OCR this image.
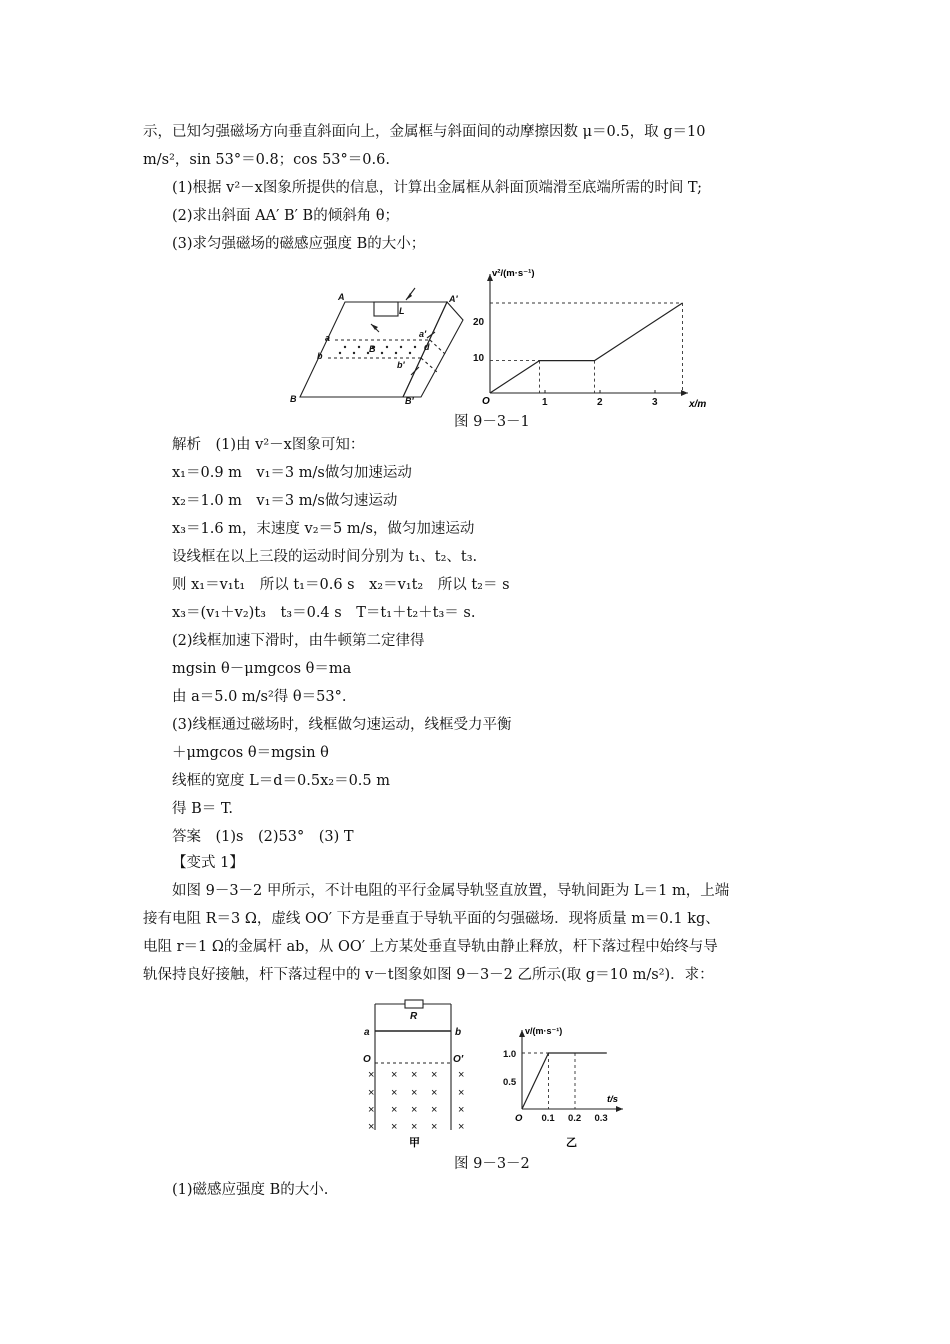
示，已知匀强磁场方向垂直斜面向上，金属框与斜面间的动摩擦因数 μ＝0.5，取 g＝10
m/s²，sin 53°＝0.8；cos 53°＝0.6.
(1)根据 v²－x图象所提供的信息，计算出金属框从斜面顶端滑至底端所需的时间 T;
(2)求出斜面 AA′ B′ B的倾斜角 θ；
(3)求匀强磁场的磁感应强度 B的大小；
A	A′
L
a	a′
b
b′
B	d
B	B′	1	2	3
10
20
v²/(m·s⁻¹)
x/m
O
图 9－3－1
解析　(1)由 v²－x图象可知：
x₁＝0.9 m　v₁＝3 m/s做匀加速运动
x₂＝1.0 m　v₁＝3 m/s做匀速运动
x₃＝1.6 m，末速度 v₂＝5 m/s，做匀加速运动
设线框在以上三段的运动时间分别为 t₁、t₂、t₃.
则 x₁＝v₁t₁　所以 t₁＝0.6 s　x₂＝v₁t₂　所以 t₂＝ s
x₃＝(v₁＋v₂)t₃　t₃＝0.4 s　T＝t₁＋t₂＋t₃＝ s.
(2)线框加速下滑时，由牛顿第二定律得
mgsin θ－μmgcos θ＝ma
由 a＝5.0 m/s²得 θ＝53°.
(3)线框通过磁场时，线框做匀速运动，线框受力平衡
＋μmgcos θ＝mgsin θ
线框的宽度 L＝d＝0.5x₂＝0.5 m
得 B＝ T.
答案　(1)s　(2)53°　(3) T
【变式 1】
如图 9－3－2 甲所示，不计电阻的平行金属导轨竖直放置，导轨间距为 L＝1 m，上端
接有电阻 R＝3 Ω，虚线 OO′ 下方是垂直于导轨平面的匀强磁场．现将质量 m＝0.1 kg、
电阻 r＝1 Ω的金属杆 ab，从 OO′ 上方某处垂直导轨由静止释放，杆下落过程中始终与导
轨保持良好接触，杆下落过程中的 v－t图象如图 9－3－2 乙所示(取 g＝10 m/s²)．求：
R
a	b
O	O′
× × × × ×
× × × × ×
× × × × ×
× × × × ×
甲
0.1 0.2 0.3
0.5
1.0
v/(m·s⁻¹)
t/s
O
乙
图 9－3－2
(1)磁感应强度 B的大小.
